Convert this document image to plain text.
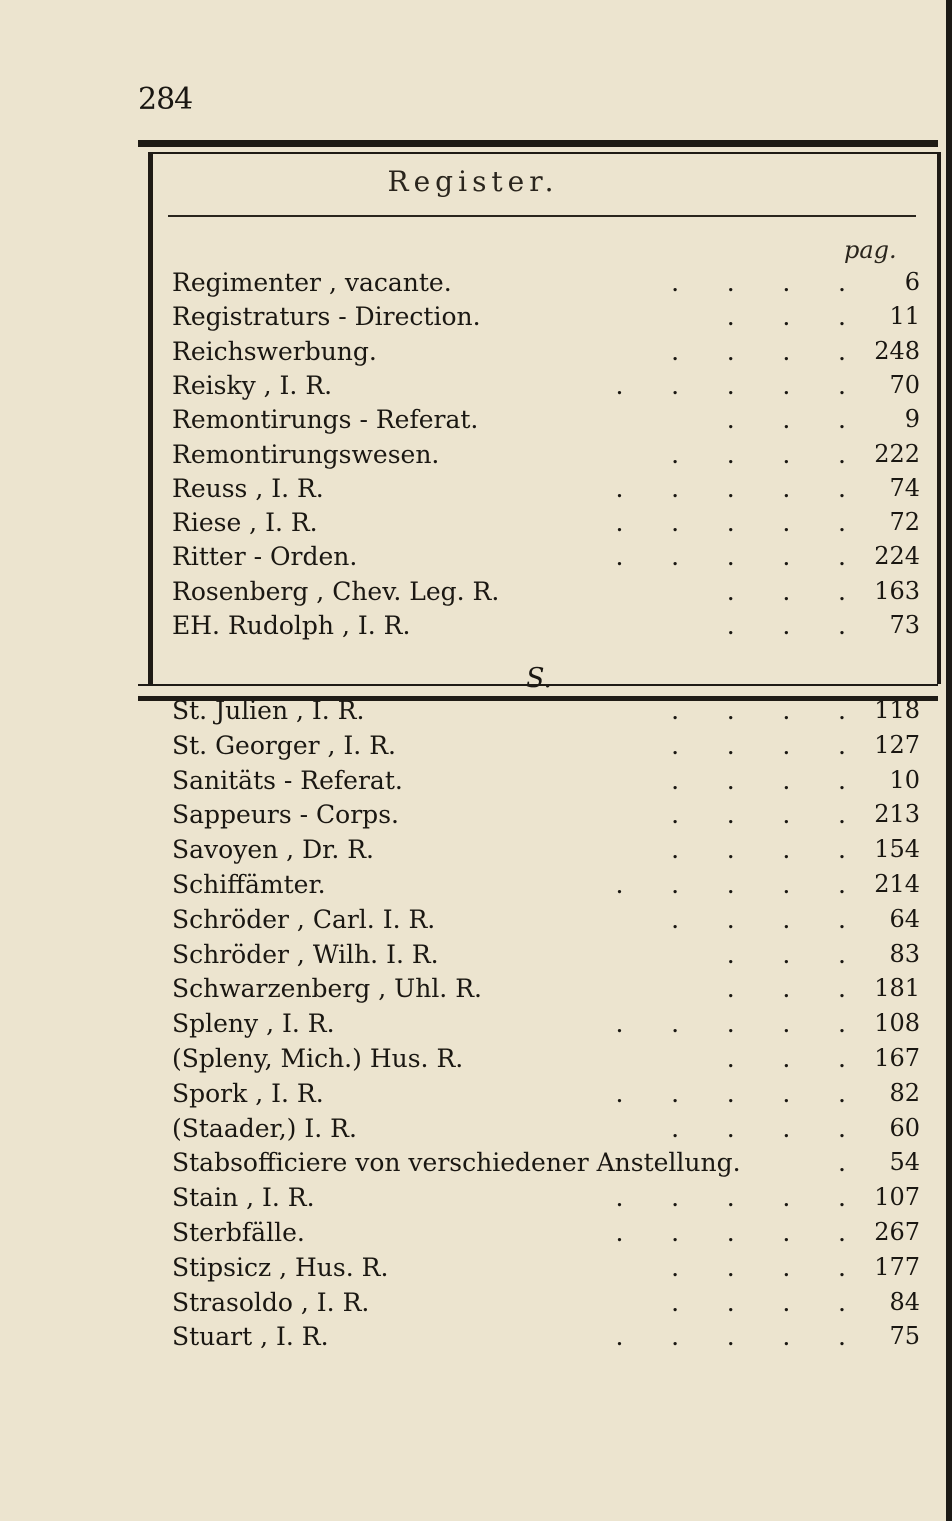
284
Register.
pag.
Regimenter , vacante.	.      .      .      . 6
Registraturs - Direction.	.      .      . 11
Reichswerbung.	.      .      .      . 248
Reisky , I. R.	.      .      .      .      . 70
Remontirungs - Referat.	.      .      . 9
Remontirungswesen.	.      .      .      . 222
Reuss , I. R.	.      .      .      .      . 74
Riese , I. R.	.      .      .      .      . 72
Ritter - Orden.	.      .      .      .      . 224
Rosenberg , Chev. Leg. R.	.      .      . 163
EH. Rudolph , I. R.	.      .      . 73
S.
St. Julien , I. R.	.      .      .      . 118
St. Georger , I. R.	.      .      .      . 127
Sanitäts - Referat.	.      .      .      . 10
Sappeurs - Corps.	.      .      .      . 213
Savoyen , Dr. R.	.      .      .      . 154
Schiffämter.	.      .      .      .      . 214
Schröder , Carl. I. R.	.      .      .      . 64
Schröder , Wilh. I. R.	.      .      . 83
Schwarzenberg , Uhl. R.	.      .      . 181
Spleny , I. R.	.      .      .      .      . 108
(Spleny, Mich.) Hus. R.	.      .      . 167
Spork , I. R.	.      .      .      .      . 82
(Staader,) I. R.	.      .      .      . 60
Stabsofficiere von verschiedener Anstellung.	. 54
Stain , I. R.	.      .      .      .      . 107
Sterbfälle.	.      .      .      .      . 267
Stipsicz , Hus. R.	.      .      .      . 177
Strasoldo , I. R.	.      .      .      . 84
Stuart , I. R.	.      .      .      .      . 75
